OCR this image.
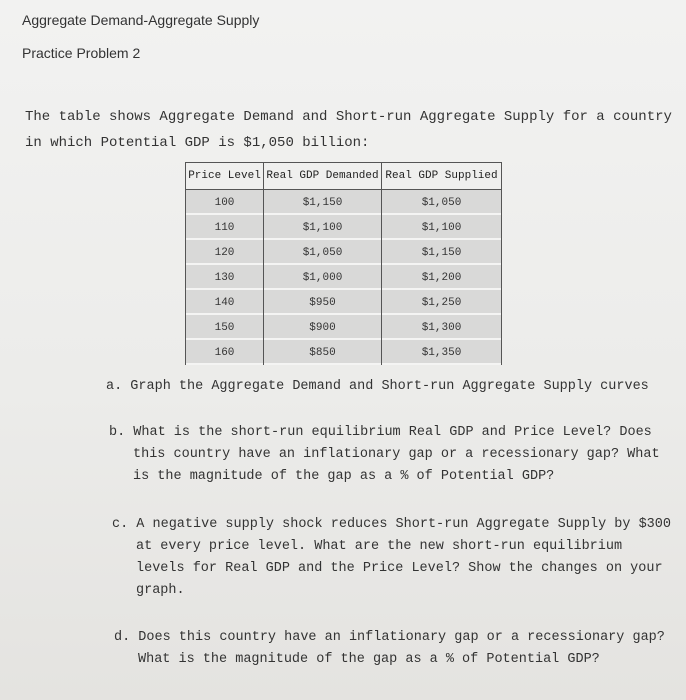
Aggregate Demand-Aggregate Supply
Practice Problem 2
The table shows Aggregate Demand and Short-run Aggregate Supply for a country
in which Potential GDP is $1,050 billion:
Price Level	Real GDP Demanded	Real GDP Supplied
100	$1,150	$1,050
110	$1,100	$1,100
120	$1,050	$1,150
130	$1,000	$1,200
140	$950	$1,250
150	$900	$1,300
160	$850	$1,350
a. Graph the Aggregate Demand and Short-run Aggregate Supply curves
b. What is the short-run equilibrium Real GDP and Price Level? Does
this country have an inflationary gap or a recessionary gap? What
is the magnitude of the gap as a % of Potential GDP?
c. A negative supply shock reduces Short-run Aggregate Supply by $300
at every price level. What are the new short-run equilibrium
levels for Real GDP and the Price Level? Show the changes on your
graph.
d. Does this country have an inflationary gap or a recessionary gap?
What is the magnitude of the gap as a % of Potential GDP?
